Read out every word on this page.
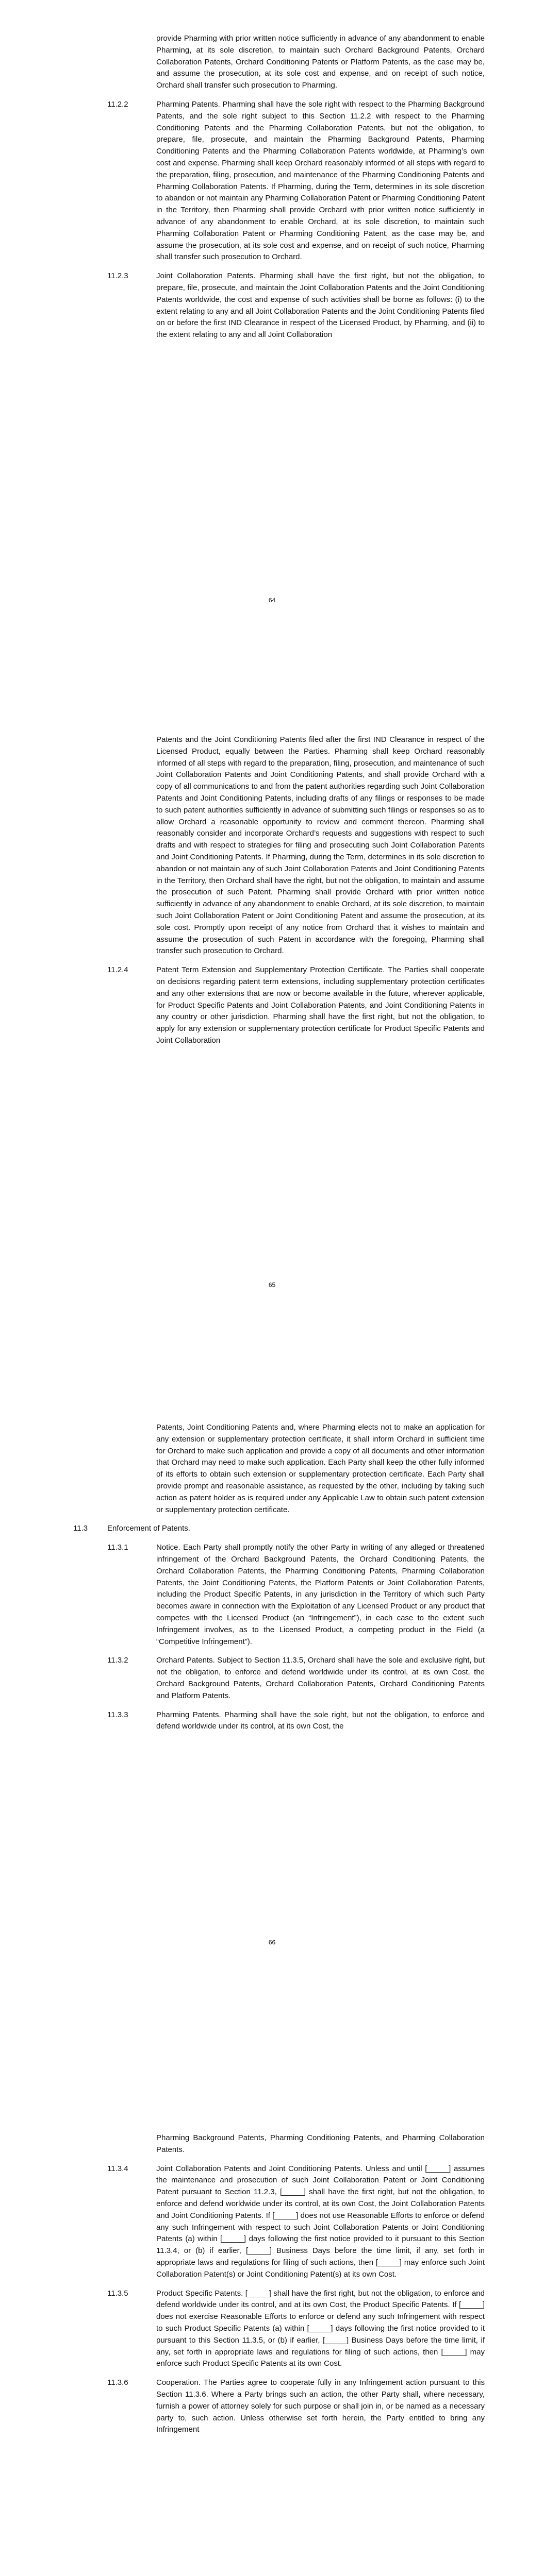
provide Pharming with prior written notice sufficiently in advance of any abandonment to enable Pharming, at its sole discretion, to maintain such Orchard Background Patents, Orchard Collaboration Patents, Orchard Conditioning Patents or Platform Patents, as the case may be, and assume the prosecution, at its sole cost and expense, and on receipt of such notice, Orchard shall transfer such prosecution to Pharming.

11.2.2	Pharming Patents. Pharming shall have the sole right with respect to the Pharming Background Patents, and the sole right subject to this Section 11.2.2 with respect to the Pharming Conditioning Patents and the Pharming Collaboration Patents, but not the obligation, to prepare, file, prosecute, and maintain the Pharming Background Patents, Pharming Conditioning Patents and the Pharming Collaboration Patents worldwide, at Pharming’s own cost and expense. Pharming shall keep Orchard reasonably informed of all steps with regard to the preparation, filing, prosecution, and maintenance of the Pharming Conditioning Patents and Pharming Collaboration Patents. If Pharming, during the Term, determines in its sole discretion to abandon or not maintain any Pharming Collaboration Patent or Pharming Conditioning Patent in the Territory, then Pharming shall provide Orchard with prior written notice sufficiently in advance of any abandonment to enable Orchard, at its sole discretion, to maintain such Pharming Collaboration Patent or Pharming Conditioning Patent, as the case may be, and assume the prosecution, at its sole cost and expense, and on receipt of such notice, Pharming shall transfer such prosecution to Orchard.

11.2.3	Joint Collaboration Patents. Pharming shall have the first right, but not the obligation, to prepare, file, prosecute, and maintain the Joint Collaboration Patents and the Joint Conditioning Patents worldwide, the cost and expense of such activities shall be borne as follows: (i) to the extent relating to any and all Joint Collaboration Patents and the Joint Conditioning Patents filed on or before the first IND Clearance in respect of the Licensed Product, by Pharming, and (ii) to the extent relating to any and all Joint Collaboration

64

Patents and the Joint Conditioning Patents filed after the first IND Clearance in respect of the Licensed Product, equally between the Parties. Pharming shall keep Orchard reasonably informed of all steps with regard to the preparation, filing, prosecution, and maintenance of such Joint Collaboration Patents and Joint Conditioning Patents, and shall provide Orchard with a copy of all communications to and from the patent authorities regarding such Joint Collaboration Patents and Joint Conditioning Patents, including drafts of any filings or responses to be made to such patent authorities sufficiently in advance of submitting such filings or responses so as to allow Orchard a reasonable opportunity to review and comment thereon. Pharming shall reasonably consider and incorporate Orchard’s requests and suggestions with respect to such drafts and with respect to strategies for filing and prosecuting such Joint Collaboration Patents and Joint Conditioning Patents. If Pharming, during the Term, determines in its sole discretion to abandon or not maintain any of such Joint Collaboration Patents and Joint Conditioning Patents in the Territory, then Orchard shall have the right, but not the obligation, to maintain and assume the prosecution of such Patent. Pharming shall provide Orchard with prior written notice sufficiently in advance of any abandonment to enable Orchard, at its sole discretion, to maintain such Joint Collaboration Patent or Joint Conditioning Patent and assume the prosecution, at its sole cost. Promptly upon receipt of any notice from Orchard that it wishes to maintain and assume the prosecution of such Patent in accordance with the foregoing, Pharming shall transfer such prosecution to Orchard.

11.2.4	Patent Term Extension and Supplementary Protection Certificate. The Parties shall cooperate on decisions regarding patent term extensions, including supplementary protection certificates and any other extensions that are now or become available in the future, wherever applicable, for Product Specific Patents and Joint Collaboration Patents, and Joint Conditioning Patents in any country or other jurisdiction. Pharming shall have the first right, but not the obligation, to apply for any extension or supplementary protection certificate for Product Specific Patents and Joint Collaboration

65

Patents, Joint Conditioning Patents and, where Pharming elects not to make an application for any extension or supplementary protection certificate, it shall inform Orchard in sufficient time for Orchard to make such application and provide a copy of all documents and other information that Orchard may need to make such application. Each Party shall keep the other fully informed of its efforts to obtain such extension or supplementary protection certificate. Each Party shall provide prompt and reasonable assistance, as requested by the other, including by taking such action as patent holder as is required under any Applicable Law to obtain such patent extension or supplementary protection certificate.

11.3	Enforcement of Patents.
11.3.1	Notice. Each Party shall promptly notify the other Party in writing of any alleged or threatened infringement of the Orchard Background Patents, the Orchard Conditioning Patents, the Orchard Collaboration Patents, the Pharming Conditioning Patents, Pharming Collaboration Patents, the Joint Conditioning Patents, the Platform Patents or Joint Collaboration Patents, including the Product Specific Patents, in any jurisdiction in the Territory of which such Party becomes aware in connection with the Exploitation of any Licensed Product or any product that competes with the Licensed Product (an “Infringement”), in each case to the extent such Infringement involves, as to the Licensed Product, a competing product in the Field (a “Competitive Infringement”).

11.3.2	Orchard Patents. Subject to Section 11.3.5, Orchard shall have the sole and exclusive right, but not the obligation, to enforce and defend worldwide under its control, at its own Cost, the Orchard Background Patents, Orchard Collaboration Patents, Orchard Conditioning Patents and Platform Patents.

11.3.3	Pharming Patents. Pharming shall have the sole right, but not the obligation, to enforce and defend worldwide under its control, at its own Cost, the

66

Pharming Background Patents, Pharming Conditioning Patents, and Pharming Collaboration Patents.

11.3.4	Joint Collaboration Patents and Joint Conditioning Patents. Unless and until [_____] assumes the maintenance and prosecution of such Joint Collaboration Patent or Joint Conditioning Patent pursuant to Section 11.2.3, [_____] shall have the first right, but not the obligation, to enforce and defend worldwide under its control, at its own Cost, the Joint Collaboration Patents and Joint Conditioning Patents. If [_____] does not use Reasonable Efforts to enforce or defend any such Infringement with respect to such Joint Collaboration Patents or Joint Conditioning Patents (a) within [_____] days following the first notice provided to it pursuant to this Section 11.3.4, or (b) if earlier, [_____] Business Days before the time limit, if any, set forth in appropriate laws and regulations for filing of such actions, then [_____] may enforce such Joint Collaboration Patent(s) or Joint Conditioning Patent(s) at its own Cost.

11.3.5	Product Specific Patents. [_____] shall have the first right, but not the obligation, to enforce and defend worldwide under its control, and at its own Cost, the Product Specific Patents. If [_____] does not exercise Reasonable Efforts to enforce or defend any such Infringement with respect to such Product Specific Patents (a) within [_____] days following the first notice provided to it pursuant to this Section 11.3.5, or (b) if earlier, [_____] Business Days before the time limit, if any, set forth in appropriate laws and regulations for filing of such actions, then [_____] may enforce such Product Specific Patents at its own Cost.

11.3.6	Cooperation. The Parties agree to cooperate fully in any Infringement action pursuant to this Section 11.3.6. Where a Party brings such an action, the other Party shall, where necessary, furnish a power of attorney solely for such purpose or shall join in, or be named as a necessary party to, such action. Unless otherwise set forth herein, the Party entitled to bring any Infringement
